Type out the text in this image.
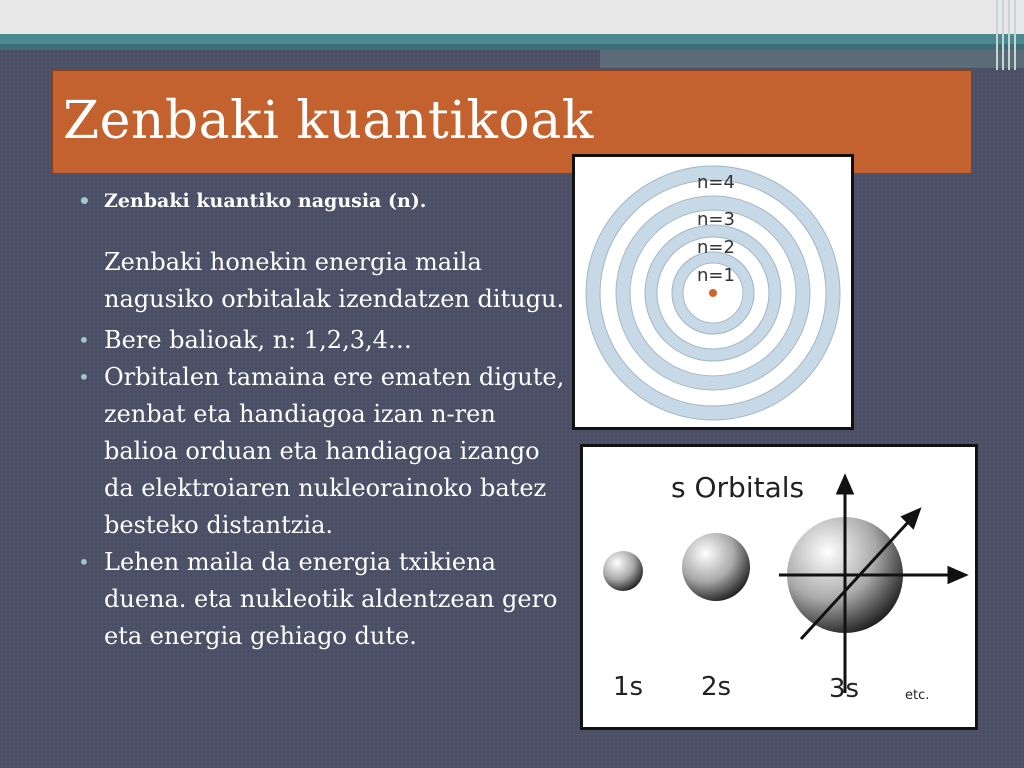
Zenbaki kuantikoak
• Zenbaki kuantiko nagusia (n).
Zenbaki honekin energia maila nagusiko orbitalak izendatzen ditugu.
• Bere balioak, n: 1,2,3,4…
• Orbitalen tamaina ere ematen digute, zenbat eta handiagoa izan n-ren balioa orduan eta handiagoa izango da elektroiaren nukleorainoko batez besteko distantzia.
• Lehen maila da energia txikiena duena. eta nukleotik aldentzean gero eta energia gehiago dute.
n=4
n=3
n=2
n=1
s Orbitals
1s 2s	3s	etc.
